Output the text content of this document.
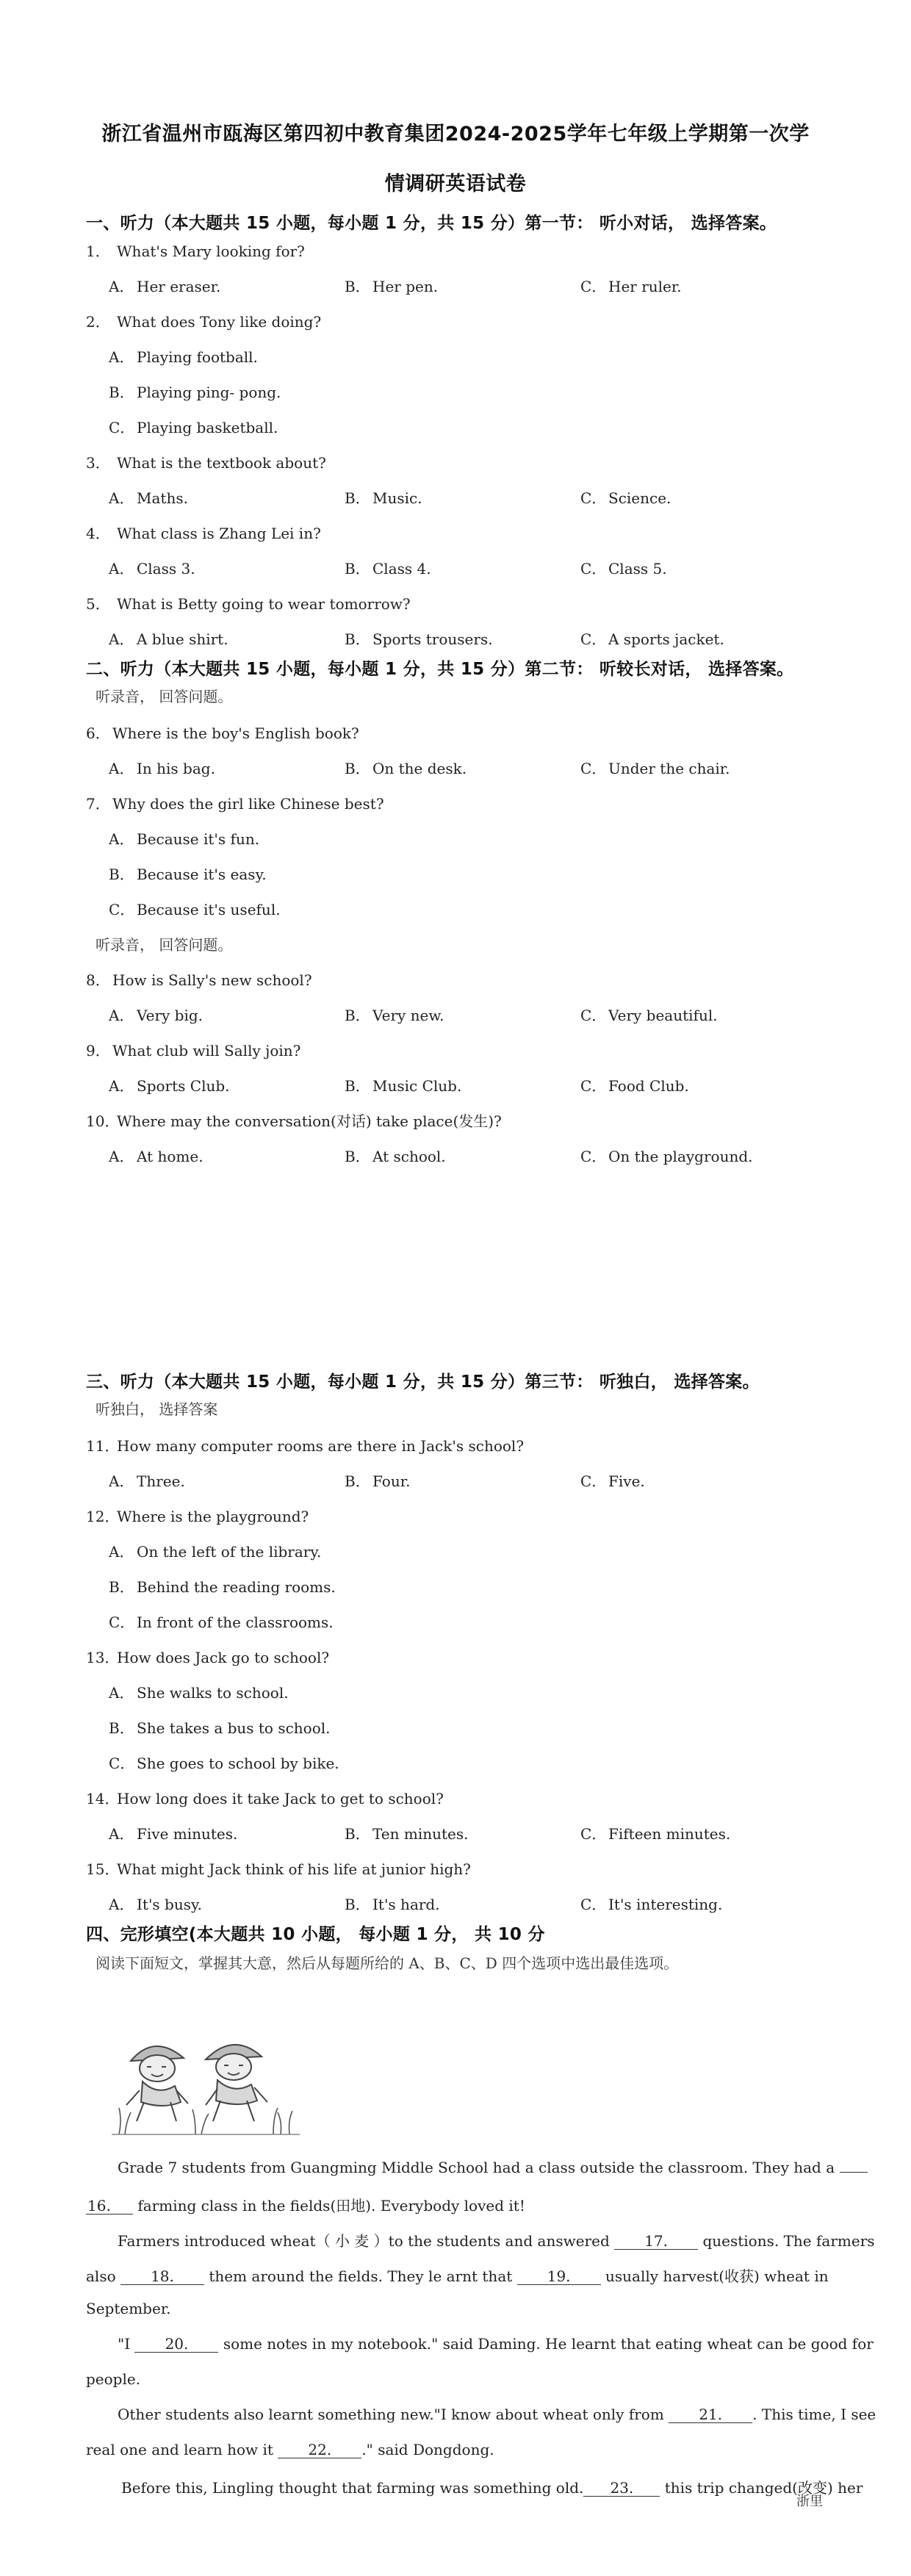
浙江省温州市瓯海区第四初中教育集团2024-2025学年七年级上学期第一次学
情调研英语试卷
一、听力（本大题共 15 小题，每小题 1 分，共 15 分）第一节： 听小对话， 选择答案。
1． What's Mary looking for?
A． Her eraser.	B． Her pen.	C． Her ruler.
2． What does Tony like doing?
A． Playing football.
B． Playing ping- pong.
C． Playing basketball.
3． What is the textbook about?
A． Maths.	B． Music.	C． Science.
4． What class is Zhang Lei in?
A． Class 3.	B． Class 4.	C． Class 5.
5． What is Betty going to wear tomorrow?
A． A blue shirt.	B． Sports trousers.	C． A sports jacket.
二、听力（本大题共 15 小题，每小题 1 分，共 15 分）第二节： 听较长对话， 选择答案。
听录音， 回答问题。
6． Where is the boy's English book?
A． In his bag.	B． On the desk.	C． Under the chair.
7． Why does the girl like Chinese best?
A． Because it's fun.
B． Because it's easy.
C． Because it's useful.
听录音， 回答问题。
8． How is Sally's new school?
A． Very big.	B． Very new.	C． Very beautiful.
9． What club will Sally join?
A． Sports Club.	B． Music Club.	C． Food Club.
10．Where may the conversation(对话) take place(发生)?
A． At home.	B． At school.	C． On the playground.
三、听力（本大题共 15 小题，每小题 1 分，共 15 分）第三节： 听独白， 选择答案。
听独白， 选择答案
11．How many computer rooms are there in Jack's school?
A． Three.	B． Four.	C． Five.
12．Where is the playground?
A． On the left of the library.
B． Behind the reading rooms.
C． In front of the classrooms.
13．How does Jack go to school?
A． She walks to school.
B． She takes a bus to school.
C． She goes to school by bike.
14．How long does it take Jack to get to school?
A． Five minutes.	B． Ten minutes.	C． Fifteen minutes.
15．What might Jack think of his life at junior high?
A． It's busy.	B． It's hard.	C． It's interesting.
四、完形填空(本大题共 10 小题， 每小题 1 分， 共 10 分
阅读下面短文，掌握其大意，然后从每题所给的 A、B、C、D 四个选项中选出最佳选项。
Grade 7 students from Guangming Middle School had a class outside the classroom. They had a
16. farming class in the fields(田地). Everybody loved it!
Farmers introduced wheat（ 小 麦 ）to the students and answered 17. questions. The farmers
also 18. them around the fields. They le arnt that 19. usually harvest(收获) wheat in
September.
"I 20. some notes in my notebook." said Daming. He learnt that eating wheat can be good for
people.
Other students also learnt something new."I know about wheat only from 21. . This time, I see
real one and learn how it 22. ." said Dongdong.
Before this, Lingling thought that farming was something old. 23. this trip changed(改变) her
浙里
